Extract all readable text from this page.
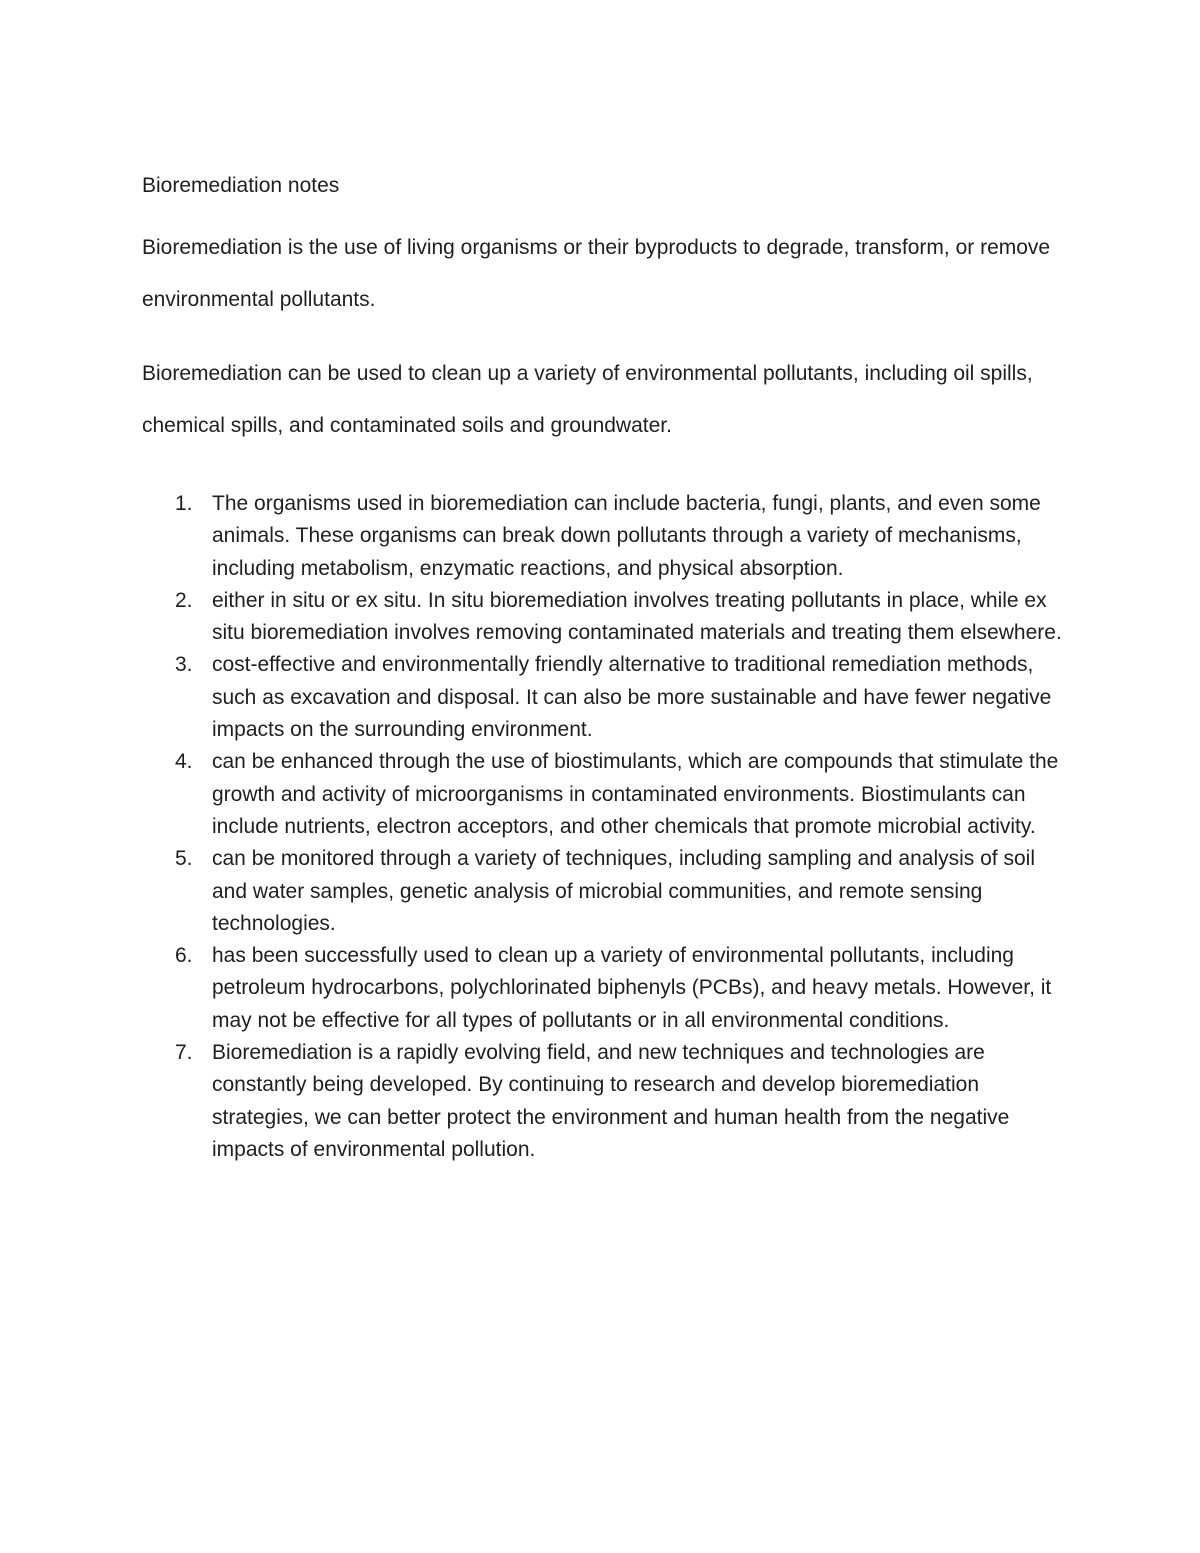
Bioremediation notes

Bioremediation is the use of living organisms or their byproducts to degrade, transform, or remove environmental pollutants.

Bioremediation can be used to clean up a variety of environmental pollutants, including oil spills, chemical spills, and contaminated soils and groundwater.

1. The organisms used in bioremediation can include bacteria, fungi, plants, and even some animals. These organisms can break down pollutants through a variety of mechanisms, including metabolism, enzymatic reactions, and physical absorption.
2. either in situ or ex situ. In situ bioremediation involves treating pollutants in place, while ex situ bioremediation involves removing contaminated materials and treating them elsewhere.
3. cost-effective and environmentally friendly alternative to traditional remediation methods, such as excavation and disposal. It can also be more sustainable and have fewer negative impacts on the surrounding environment.
4. can be enhanced through the use of biostimulants, which are compounds that stimulate the growth and activity of microorganisms in contaminated environments. Biostimulants can include nutrients, electron acceptors, and other chemicals that promote microbial activity.
5. can be monitored through a variety of techniques, including sampling and analysis of soil and water samples, genetic analysis of microbial communities, and remote sensing technologies.
6. has been successfully used to clean up a variety of environmental pollutants, including petroleum hydrocarbons, polychlorinated biphenyls (PCBs), and heavy metals. However, it may not be effective for all types of pollutants or in all environmental conditions.
7. Bioremediation is a rapidly evolving field, and new techniques and technologies are constantly being developed. By continuing to research and develop bioremediation strategies, we can better protect the environment and human health from the negative impacts of environmental pollution.
